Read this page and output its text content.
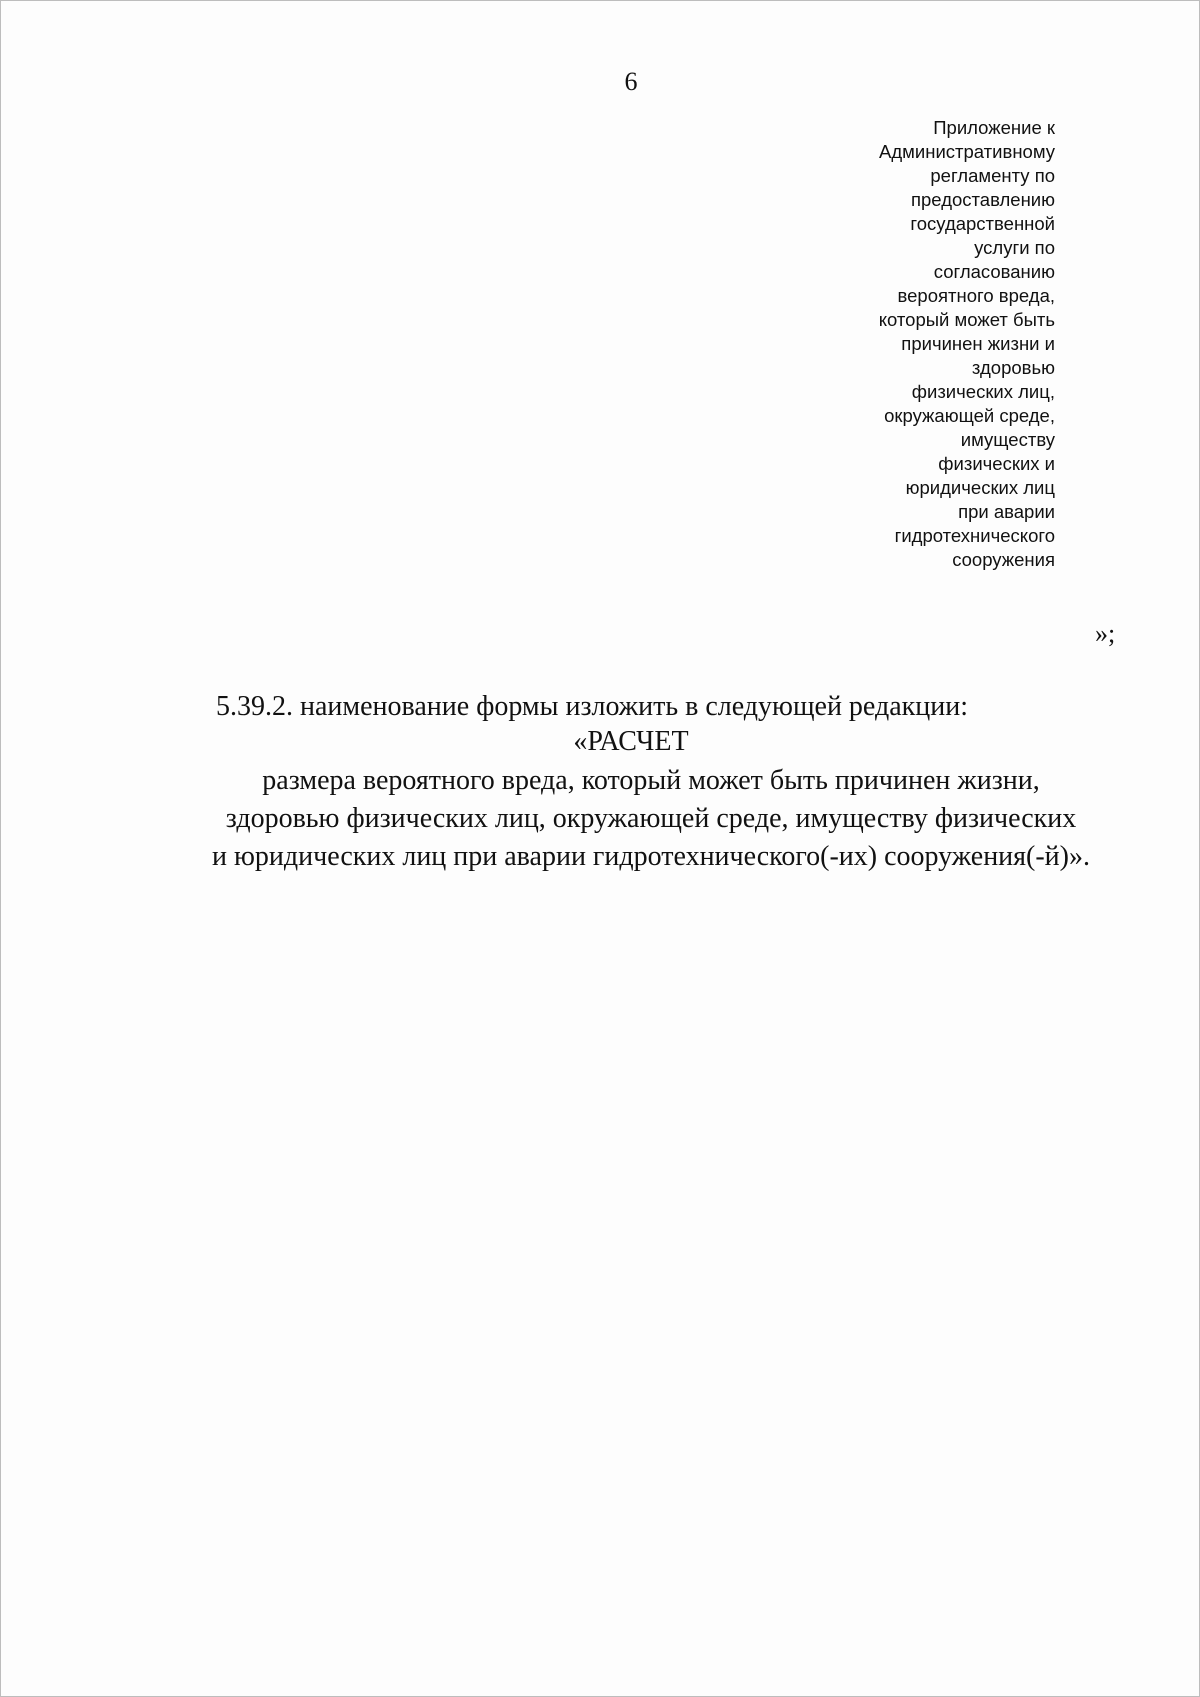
6
Приложение к
Административному
регламенту по
предоставлению
государственной
услуги по
согласованию
вероятного вреда,
который может быть
причинен жизни и
здоровью
физических лиц,
окружающей среде,
имуществу
физических и
юридических лиц
при аварии
гидротехнического
сооружения
»;
5.39.2. наименование формы изложить в следующей редакции:
«РАСЧЕТ
размера вероятного вреда, который может быть причинен жизни,
здоровью физических лиц, окружающей среде, имуществу физических
и юридических лиц при аварии гидротехнического(-их) сооружения(-й)».
